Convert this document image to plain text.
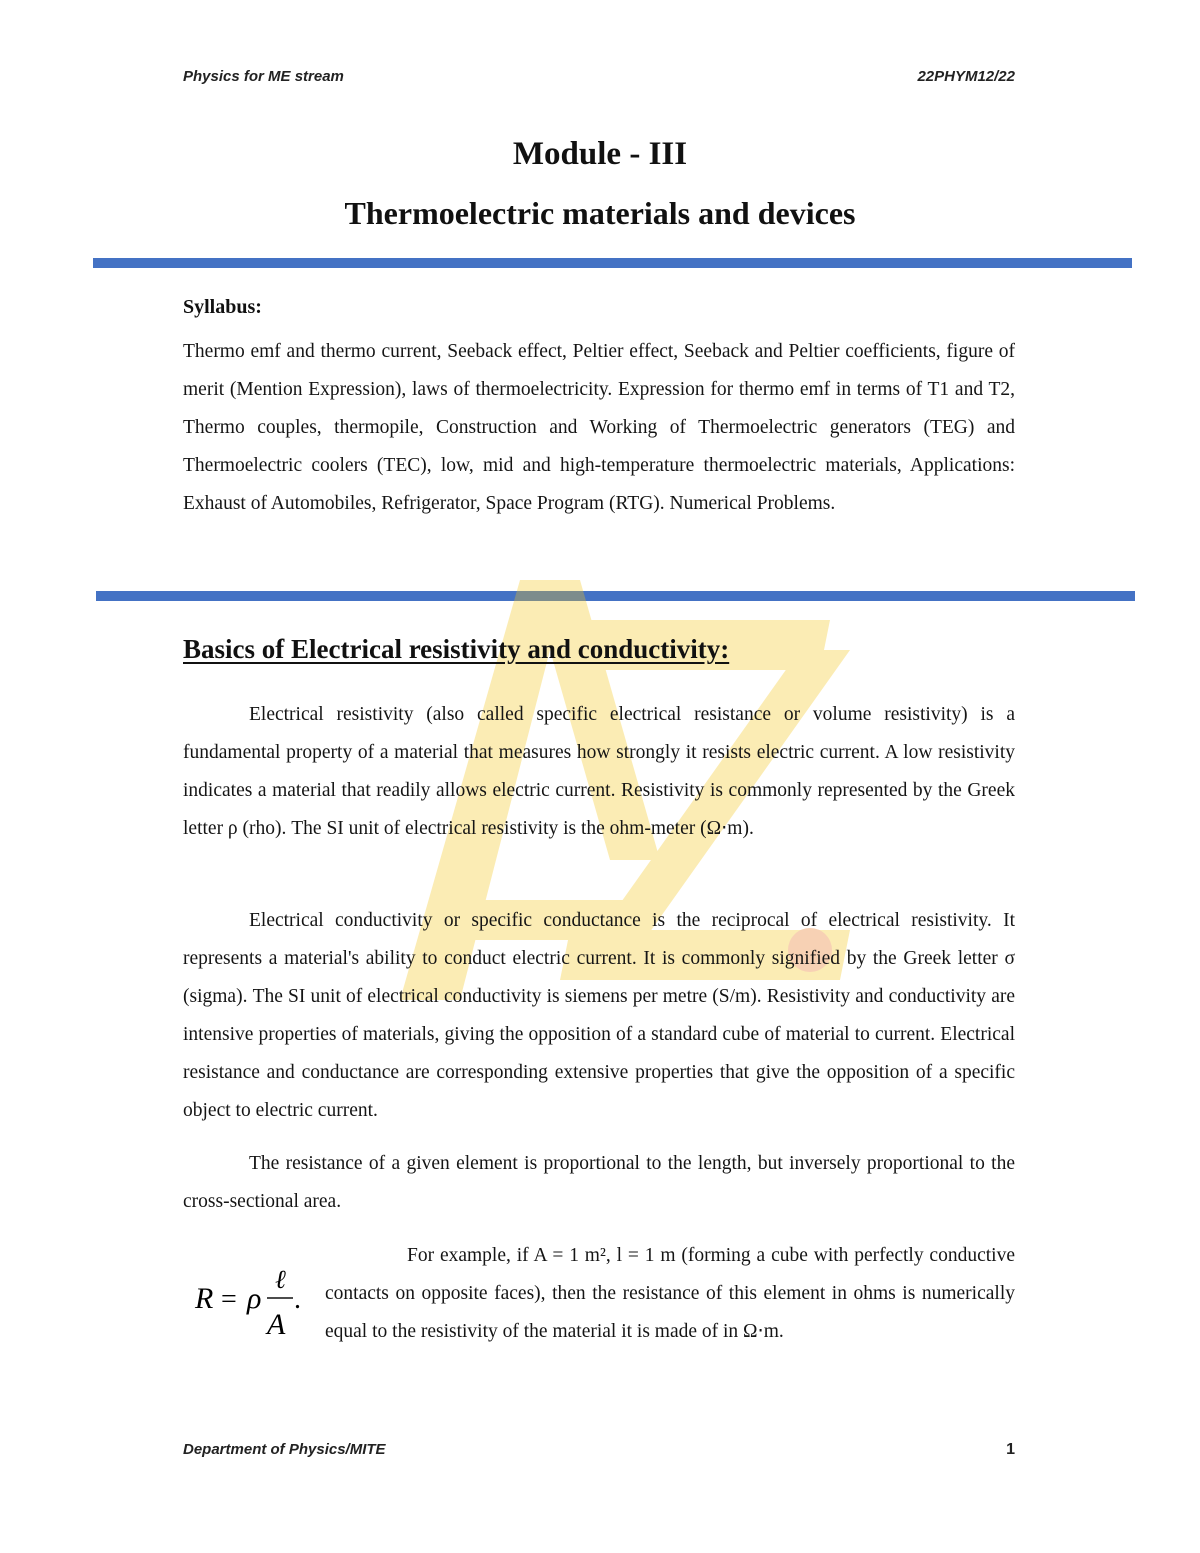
Physics for ME stream	22PHYM12/22
Module - III
Thermoelectric materials and devices
Syllabus:
Thermo emf and thermo current, Seeback effect, Peltier effect, Seeback and Peltier coefficients, figure of merit (Mention Expression), laws of thermoelectricity. Expression for thermo emf in terms of T1 and T2, Thermo couples, thermopile, Construction and Working of Thermoelectric generators (TEG) and Thermoelectric coolers (TEC), low, mid and high-temperature thermoelectric materials, Applications: Exhaust of Automobiles, Refrigerator, Space Program (RTG). Numerical Problems.
Basics of Electrical resistivity and conductivity:
Electrical resistivity (also called specific electrical resistance or volume resistivity) is a fundamental property of a material that measures how strongly it resists electric current. A low resistivity indicates a material that readily allows electric current. Resistivity is commonly represented by the Greek letter ρ (rho). The SI unit of electrical resistivity is the ohm-meter (Ω⋅m).
Electrical conductivity or specific conductance is the reciprocal of electrical resistivity. It represents a material's ability to conduct electric current. It is commonly signified by the Greek letter σ (sigma). The SI unit of electrical conductivity is siemens per metre (S/m). Resistivity and conductivity are intensive properties of materials, giving the opposition of a standard cube of material to current. Electrical resistance and conductance are corresponding extensive properties that give the opposition of a specific object to electric current.
The resistance of a given element is proportional to the length, but inversely proportional to the cross-sectional area.
R = ρ
ℓ
A
.
For example, if A = 1 m², l = 1 m (forming a cube with perfectly conductive contacts on opposite faces), then the resistance of this element in ohms is numerically equal to the resistivity of the material it is made of in Ω⋅m.
Department of Physics/MITE	1
